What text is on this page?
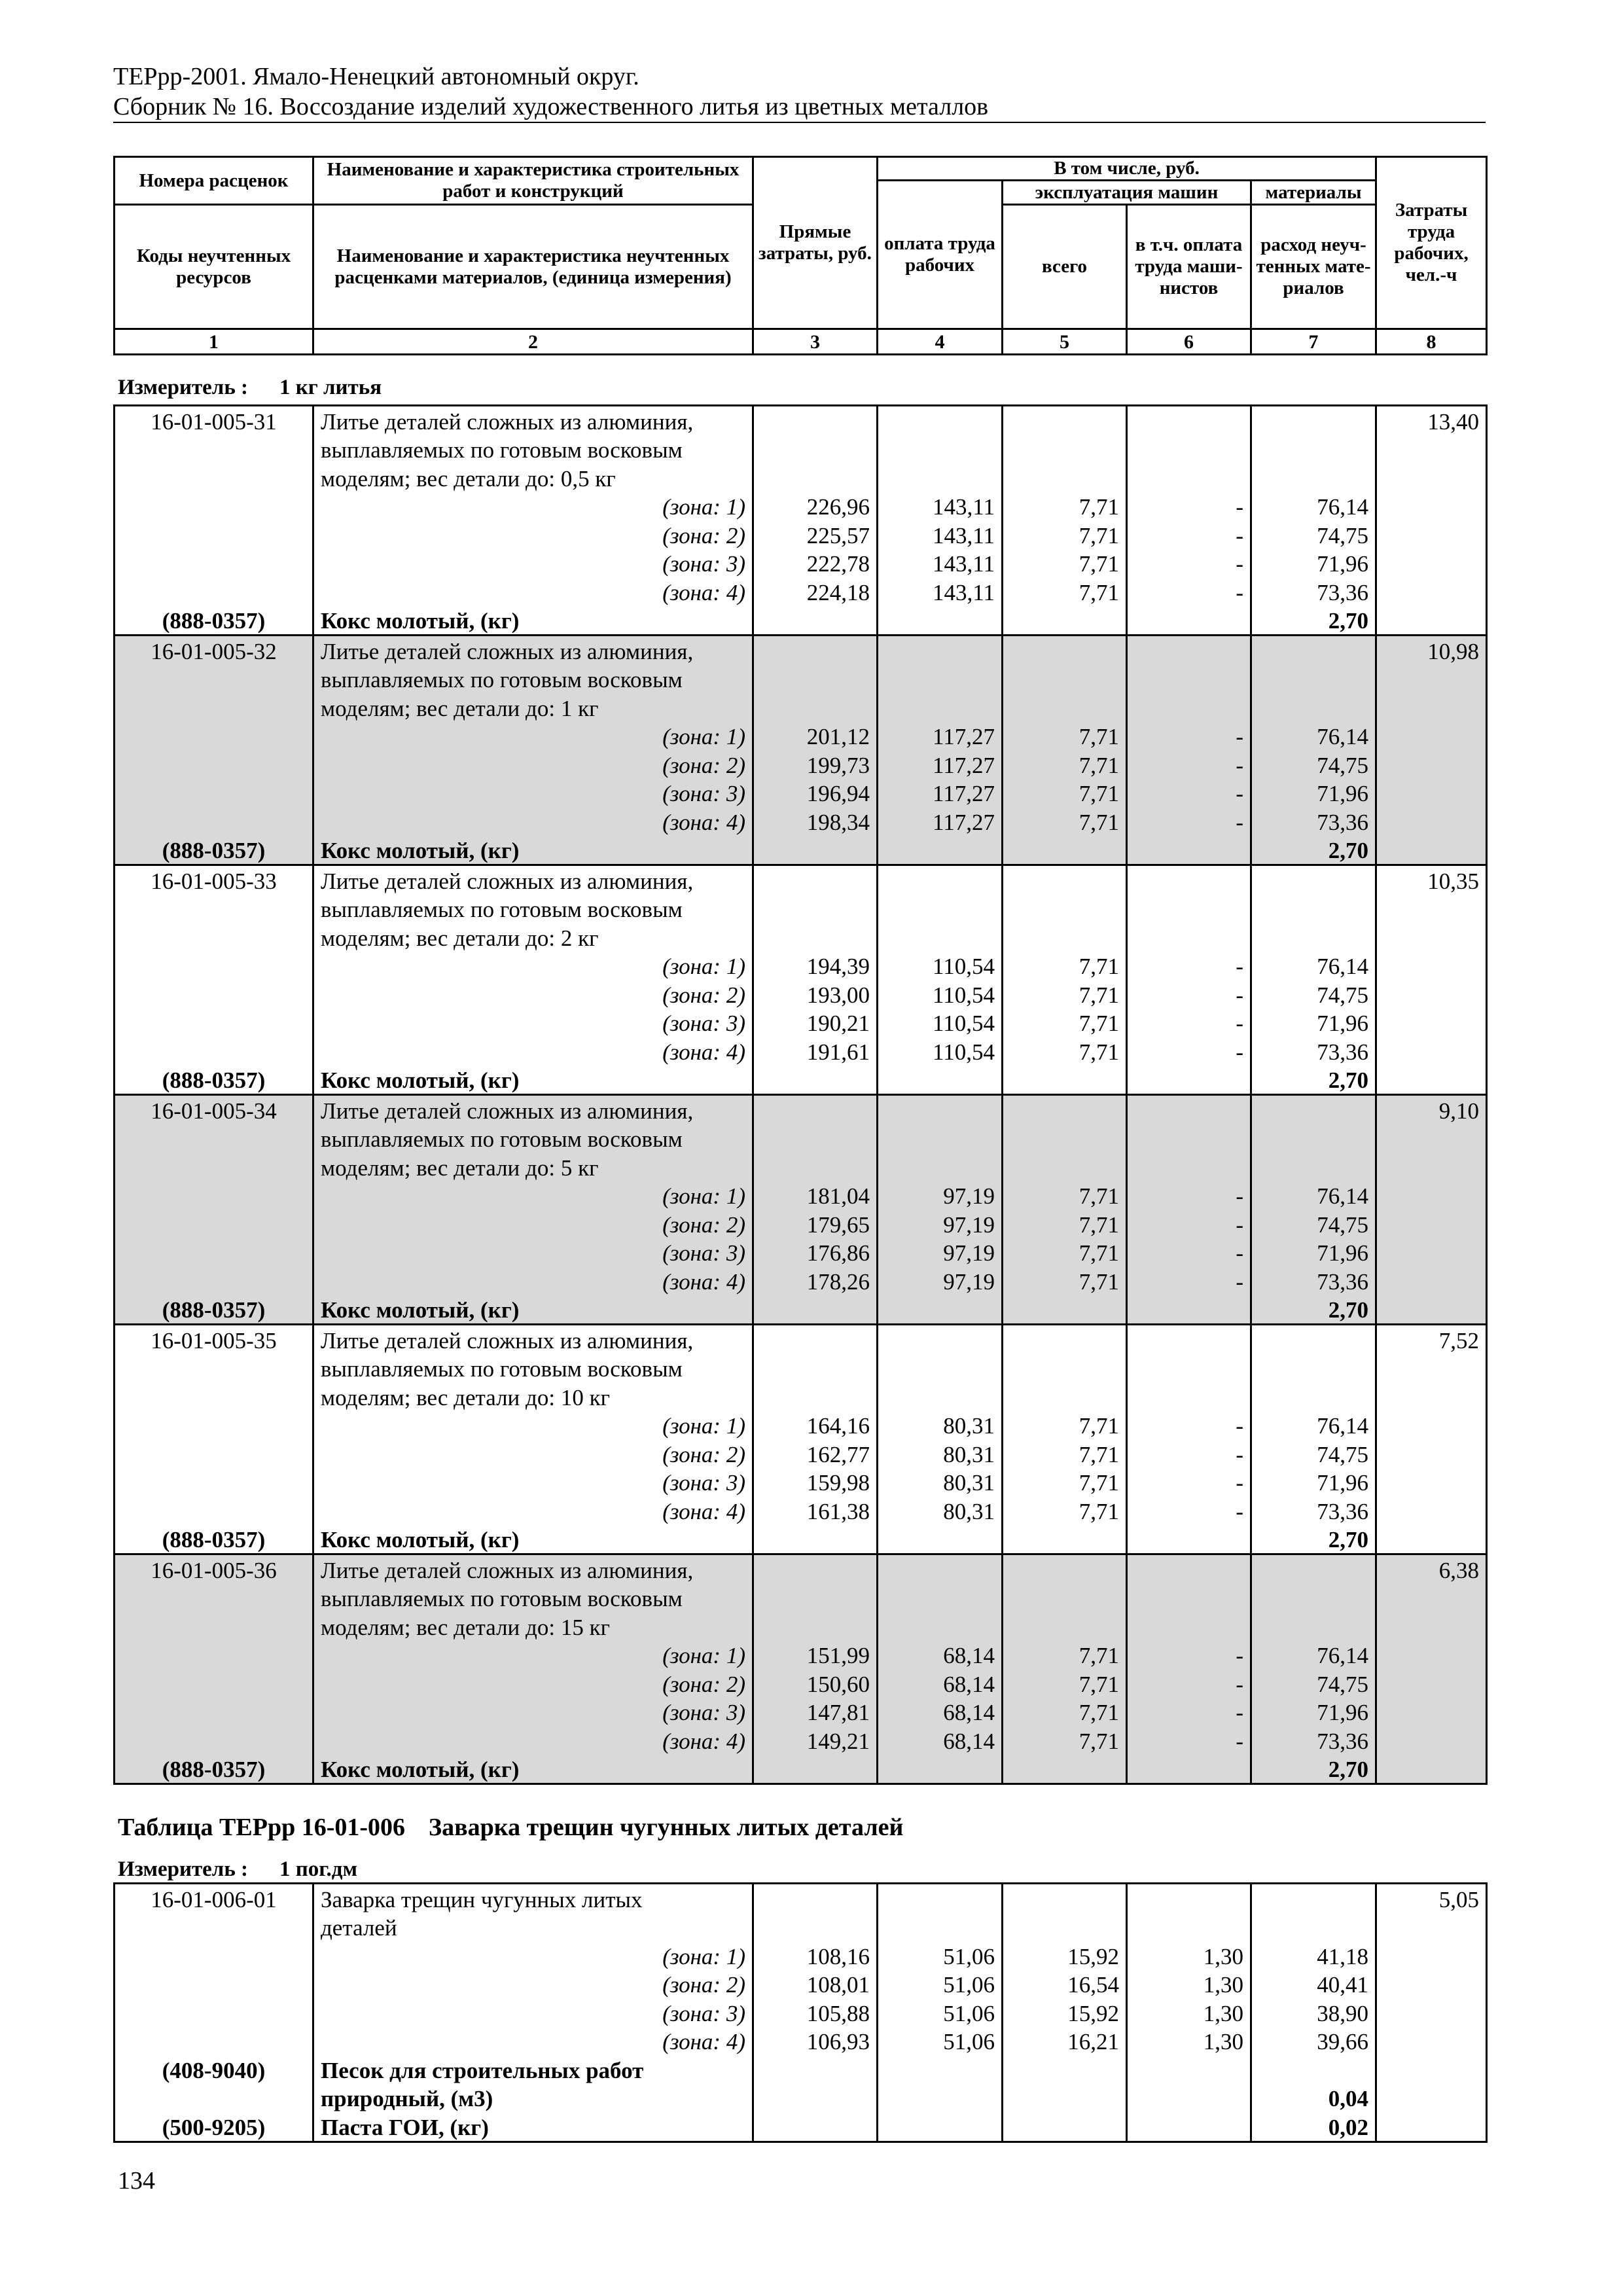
ТЕРрр-2001. Ямало-Ненецкий автономный округ.
Сборник № 16. Воссоздание изделий художественного литья из цветных металлов
Номера расценок	Наименование и характеристика строительных работ и конструкций	Прямые затраты, руб.	В том числе, руб.				Затраты труда рабочих, чел.-ч
			оплата труда рабочих	эксплуатация машин		материалы	
Коды неучтенных ресурсов	Наименование и характеристика неучтенных расценками материалов, (единица измерения)			всего	в т.ч. оплата труда маши-нистов	расход неуч-тенных мате-риалов	
1	2	3	4	5	6	7	8
Измеритель : 1 кг литья
16-01-005-31	Литье деталей сложных из алюминия,						13,40
	выплавляемых по готовым восковым						
	моделям; вес детали до: 0,5 кг						
	(зона: 1)	226,96	143,11	7,71	-	76,14	
	(зона: 2)	225,57	143,11	7,71	-	74,75	
	(зона: 3)	222,78	143,11	7,71	-	71,96	
	(зона: 4)	224,18	143,11	7,71	-	73,36	
(888-0357)	Кокс молотый, (кг)					2,70	
16-01-005-32	Литье деталей сложных из алюминия,						10,98
	выплавляемых по готовым восковым						
	моделям; вес детали до: 1 кг						
	(зона: 1)	201,12	117,27	7,71	-	76,14	
	(зона: 2)	199,73	117,27	7,71	-	74,75	
	(зона: 3)	196,94	117,27	7,71	-	71,96	
	(зона: 4)	198,34	117,27	7,71	-	73,36	
(888-0357)	Кокс молотый, (кг)					2,70	
16-01-005-33	Литье деталей сложных из алюминия,						10,35
	выплавляемых по готовым восковым						
	моделям; вес детали до: 2 кг						
	(зона: 1)	194,39	110,54	7,71	-	76,14	
	(зона: 2)	193,00	110,54	7,71	-	74,75	
	(зона: 3)	190,21	110,54	7,71	-	71,96	
	(зона: 4)	191,61	110,54	7,71	-	73,36	
(888-0357)	Кокс молотый, (кг)					2,70	
16-01-005-34	Литье деталей сложных из алюминия,						9,10
	выплавляемых по готовым восковым						
	моделям; вес детали до: 5 кг						
	(зона: 1)	181,04	97,19	7,71	-	76,14	
	(зона: 2)	179,65	97,19	7,71	-	74,75	
	(зона: 3)	176,86	97,19	7,71	-	71,96	
	(зона: 4)	178,26	97,19	7,71	-	73,36	
(888-0357)	Кокс молотый, (кг)					2,70	
16-01-005-35	Литье деталей сложных из алюминия,						7,52
	выплавляемых по готовым восковым						
	моделям; вес детали до: 10 кг						
	(зона: 1)	164,16	80,31	7,71	-	76,14	
	(зона: 2)	162,77	80,31	7,71	-	74,75	
	(зона: 3)	159,98	80,31	7,71	-	71,96	
	(зона: 4)	161,38	80,31	7,71	-	73,36	
(888-0357)	Кокс молотый, (кг)					2,70	
16-01-005-36	Литье деталей сложных из алюминия,						6,38
	выплавляемых по готовым восковым						
	моделям; вес детали до: 15 кг						
	(зона: 1)	151,99	68,14	7,71	-	76,14	
	(зона: 2)	150,60	68,14	7,71	-	74,75	
	(зона: 3)	147,81	68,14	7,71	-	71,96	
	(зона: 4)	149,21	68,14	7,71	-	73,36	
(888-0357)	Кокс молотый, (кг)					2,70	
Таблица ТЕРрр 16-01-006 Заварка трещин чугунных литых деталей
Измеритель : 1 пог.дм
16-01-006-01	Заварка трещин чугунных литых						5,05
	деталей						
	(зона: 1)	108,16	51,06	15,92	1,30	41,18	
	(зона: 2)	108,01	51,06	16,54	1,30	40,41	
	(зона: 3)	105,88	51,06	15,92	1,30	38,90	
	(зона: 4)	106,93	51,06	16,21	1,30	39,66	
(408-9040)	Песок для строительных работ						
	природный, (м3)					0,04	
(500-9205)	Паста ГОИ, (кг)					0,02	
134
